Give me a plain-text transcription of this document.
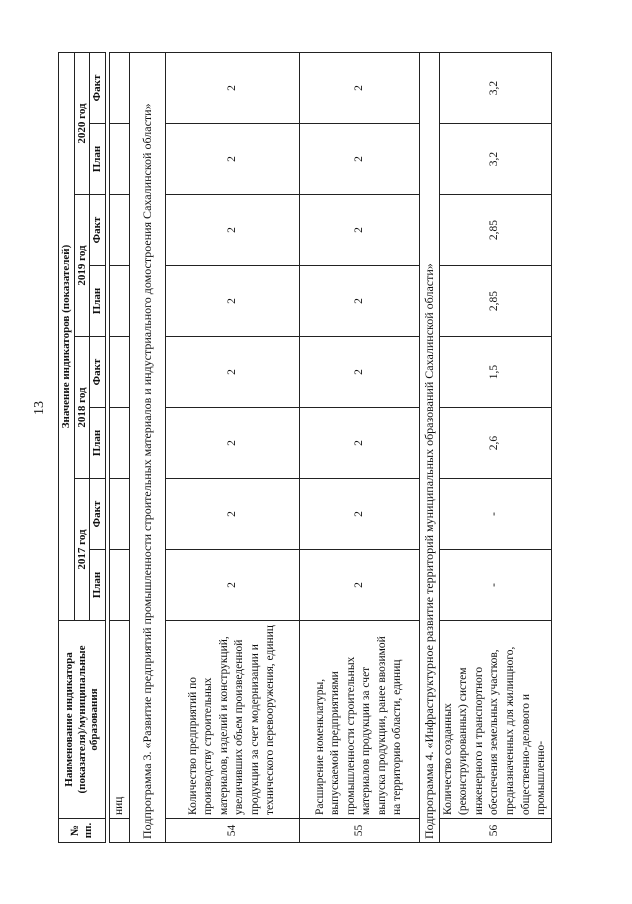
13
№ пп.	Наименование индикатора (показателя)/муниципальные образования	Значение индикаторов (показателей)							
		2017 год		2018 год		2019 год		2020 год	
		План	Факт	План	Факт	План	Факт	План	Факт

	ниц								
Подпрограмма 3. «Развитие предприятий промышленности строительных материалов и индустриального домостроения Сахалинской области»									
54	Количество предприятий по производству строительных материалов, изделий и конструкций, увеличивших объем произведенной продукции за счет модернизации и технического перевооружения, единиц	2	2	2	2	2	2	2	2
55	Расширение номенклатуры, выпускаемой предприятиями промышленности строительных материалов продукции за счет выпуска продукции, ранее ввозимой на территорию области, единиц	2	2	2	2	2	2	2	2
Подпрограмма 4. «Инфраструктурное развитие территорий муниципальных образований Сахалинской области»									
56	Количество созданных (реконструированных) систем инженерного и транспортного обеспечения земельных участков, предназначенных для жилищного, общественно-делового и промышленно-	-	-	2,6	1,5	2,85	2,85	3,2	3,2
